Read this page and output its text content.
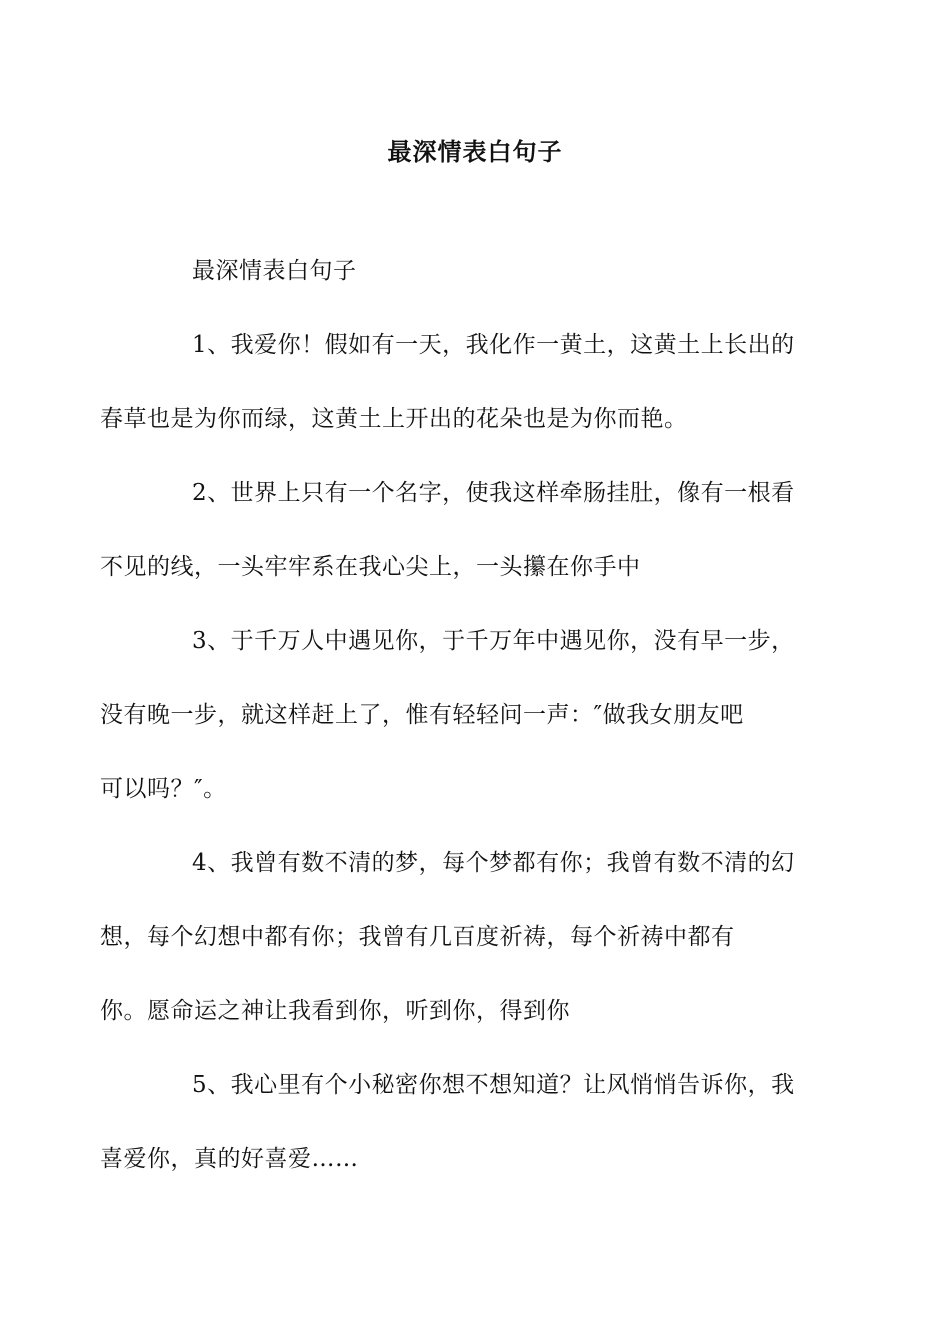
最深情表白句子

最深情表白句子

1、我爱你！假如有一天，我化作一黄土，这黄土上长出的
春草也是为你而绿，这黄土上开出的花朵也是为你而艳。

2、世界上只有一个名字，使我这样牵肠挂肚，像有一根看
不见的线，一头牢牢系在我心尖上，一头攥在你手中

3、于千万人中遇见你，于千万年中遇见你，没有早一步，
没有晚一步，就这样赶上了，惟有轻轻问一声：″做我女朋友吧
可以吗？″。

4、我曾有数不清的梦，每个梦都有你；我曾有数不清的幻
想，每个幻想中都有你；我曾有几百度祈祷，每个祈祷中都有
你。愿命运之神让我看到你，听到你，得到你

5、我心里有个小秘密你想不想知道？让风悄悄告诉你，我
喜爱你，真的好喜爱……
